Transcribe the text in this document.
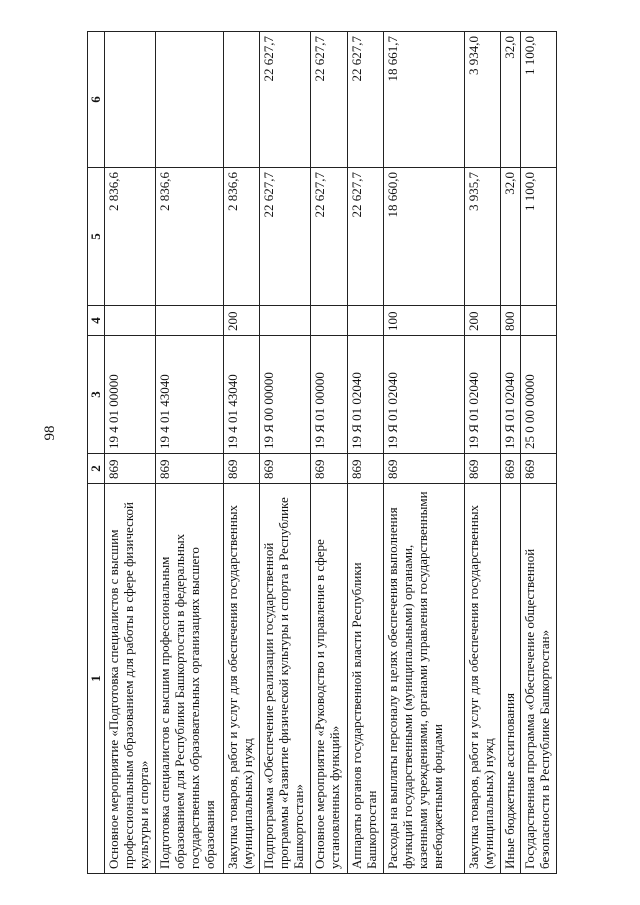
98
1	2	3	4	5	6
Основное мероприятие «Подготовка специалистов с высшим профессиональным образованием для работы в сфере физической культуры и спорта»	869	19 4 01 00000		2 836,6	
Подготовка специалистов с высшим профессиональным образованием для Республики Башкортостан в федеральных государственных образовательных организациях высшего образования	869	19 4 01 43040		2 836,6	
Закупка товаров, работ и услуг для обеспечения государственных (муниципальных) нужд	869	19 4 01 43040	200	2 836,6	
Подпрограмма «Обеспечение реализации государственной программы «Развитие физической культуры и спорта в Республике Башкортостан»	869	19 Я 00 00000		22 627,7	22 627,7
Основное мероприятие «Руководство и управление в сфере установленных функций»	869	19 Я 01 00000		22 627,7	22 627,7
Аппараты органов государственной власти Республики Башкортостан	869	19 Я 01 02040		22 627,7	22 627,7
Расходы на выплаты персоналу в целях обеспечения выполнения функций государственными (муниципальными) органами, казенными учреждениями, органами управления государственными внебюджетными фондами	869	19 Я 01 02040	100	18 660,0	18 661,7
Закупка товаров, работ и услуг для обеспечения государственных (муниципальных) нужд	869	19 Я 01 02040	200	3 935,7	3 934,0
Иные бюджетные ассигнования	869	19 Я 01 02040	800	32,0	32,0
Государственная программа «Обеспечение общественной безопасности в Республике Башкортостан»	869	25 0 00 00000		1 100,0	1 100,0
